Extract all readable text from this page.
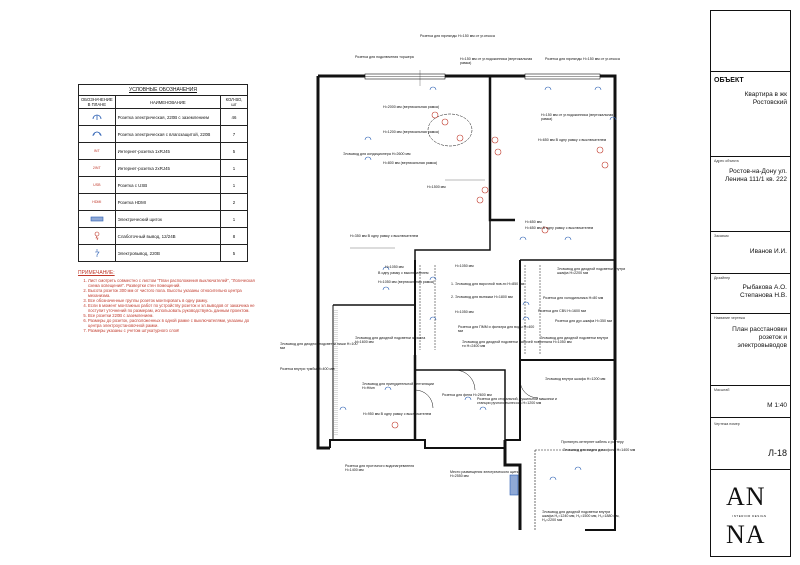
УСЛОВНЫЕ ОБОЗНАЧЕНИЯ		
ОБОЗНАЧЕНИЕ В ПЛАНЕ	НАИМЕНОВАНИЕ	КОЛ-ВО, шт
	Розетка электрическая, 220В с заземлением	46
	Розетка электрическая с влагозащитой, 220В	7
INT	Интернет-розетка 1хRJ45	5
2INT	Интернет-розетка 2хRJ45	1
USB	Розетка с USB	1
HDMI	Розетка HDMI	2
	Электрический щиток	1
	Слаботочный вывод, 12/24В	8
	Электровывод, 220В	5
ПРИМЕЧАНИЕ:
1. Лист смотреть совместно с листом "План расположения выключателей", "Логическая схема освещения". Развертки стен помещений.
2. Высота розеток 300 мм от чистого пола. Высоты указаны относительно центра механизма.
3. Все обозначенные группы розеток монтировать в одну рамку.
4. Если в момент монтажных работ по устройству розеток и эл.выводов от заказчика не поступит уточнений по размерам, использовать руководствуясь данным проектом.
5. Все розетки 220В с заземлением.
6. Размеры до розеток, расположенных в одной рамке с выключателями, указаны до центра электроустановочной рамки.
7. Размеры указаны с учетом штукатурного слоя!
Розетка для подключения торшера
Розетка для гирлянды Н=150 мм от уг.откоса
Н=150 мм от уг.подоконника (вертикальная рамка)
Розетка для гирлянды Н=150 мм от уг.откоса
Н=2000 мм (вертикальная рамка)
Н=1200 мм (вертикальная рамка)
Эл.вывод для кондиционера Н=2600 мм
Н=800 мм (вертикальная рамка)
Н=1500 мм
Н=150 мм от уг.подоконника (вертикальная рамка)
Н=650 мм В одну рамку с выключателем
Н=650 мм
Н=650 мм В одну рамку с выключателем
Н=350 мм В одну рамку с выключателем
Н=1050 мм
В одну рамку с выключателем
Н=1050 мм (вертикальная рамка)
Н=1050 мм
1. Эл.вывод для варочной пов-ти Н=850 мм
2. Эл.вывод для вытяжки Н=1800 мм
Н=1050 мм
Розетка для ПММ и фильтра для воды Н=400 мм
Эл.вывод для диодной подсветки рабочей пов-ти Н=2400 мм
Эл.вывод для диодной подсветки внутри шкафа Н=2200 мм
Розетка для холодильника Н=80 мм
Розетка для СВЧ Н=1600 мм
Розетка для дух.шкафа Н=350 мм
Эл.вывод для диодной подсветки внутри пенала Н=1050 мм
Эл.вывод внутри шкафа Н=1200 мм
Эл.вывод для диодной подсветки ниши Н=100 мм
Эл.вывод для диодной подсветки зеркала Н=1600 мм
Эл.вывод для принудительной вентиляции Н=Н/мп
Н=950 мм В одну рамку с выключателем
Розетка внутри тумбы Н=400 мм
Розетка для фена Н=2600 мм
Розетка для стиральной, сушильной машинки и станции ручного пылесоса Н=1200 мм
Протянуть интернет кабель к роутеру
Эл.вывод для видео домофона Н=1400 мм
Розетка для проточного водонагревателя Н=1400 мм	Место размещения электрического щитка Н=2550 мм
Эл.вывод для диодной подсветки внутри шкафа Н₁=1240 мм, Н₂=1500 мм, Н₃=1880 мм, Н₄=2200 мм
ОБЪЕКТ
Квартира в жк Ростовский
Адрес объекта
Ростов-на-Дону ул. Ленина 111/1 кв. 222
Заказчик
Иванов И.И.
Дизайнер
Рыбакова А.О. Степанова Н.В.
Название чертежа
План расстановки розеток и электровыводов
Масштаб
М 1:40
Чертежа номер
Л-18
AN
INTERIOR DESIGN
NA
